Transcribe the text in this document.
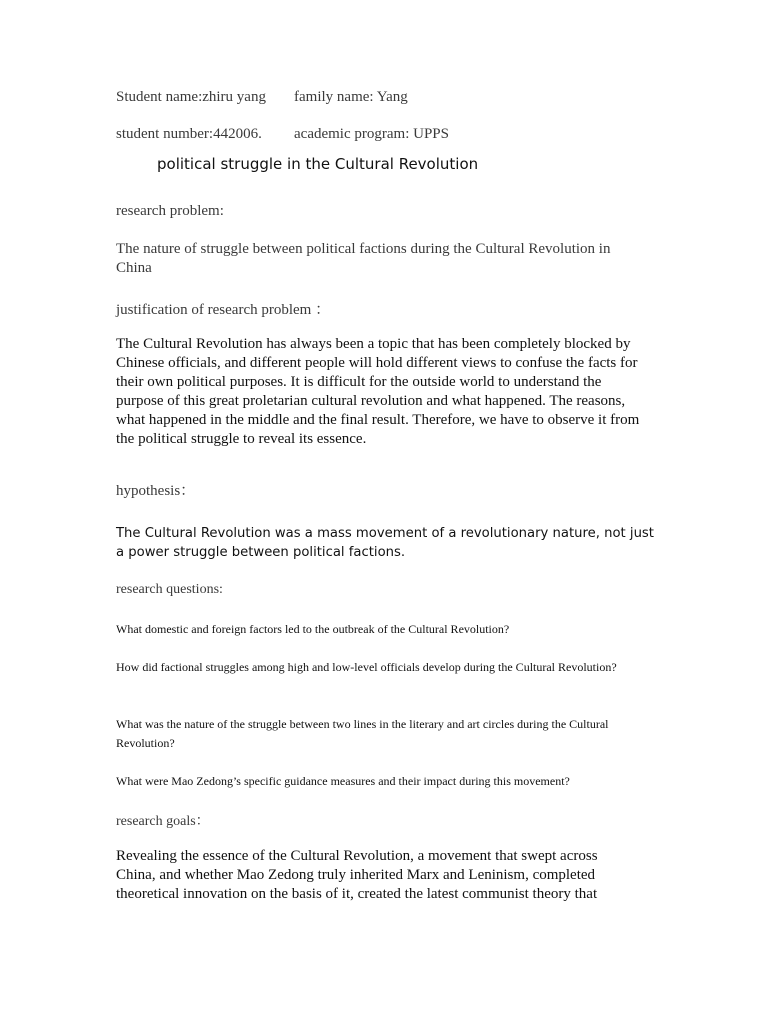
Student name:zhiru yang family name: Yang
student number:442006. academic program: UPPS
political struggle in the Cultural Revolution
research problem:
The nature of struggle between political factions during the Cultural Revolution in China
justification of research problem ：
The Cultural Revolution has always been a topic that has been completely blocked by Chinese officials, and different people will hold different views to confuse the facts for their own political purposes. It is difficult for the outside world to understand the purpose of this great proletarian cultural revolution and what happened. The reasons, what happened in the middle and the final result. Therefore, we have to observe it from the political struggle to reveal its essence.
hypothesis：
The Cultural Revolution was a mass movement of a revolutionary nature, not just a power struggle between political factions.
research questions:
What domestic and foreign factors led to the outbreak of the Cultural Revolution?
How did factional struggles among high and low-level officials develop during the Cultural Revolution?
What was the nature of the struggle between two lines in the literary and art circles during the Cultural Revolution?
What were Mao Zedong’s specific guidance measures and their impact during this movement?
research goals：
Revealing the essence of the Cultural Revolution, a movement that swept across China, and whether Mao Zedong truly inherited Marx and Leninism, completed theoretical innovation on the basis of it, created the latest communist theory that
